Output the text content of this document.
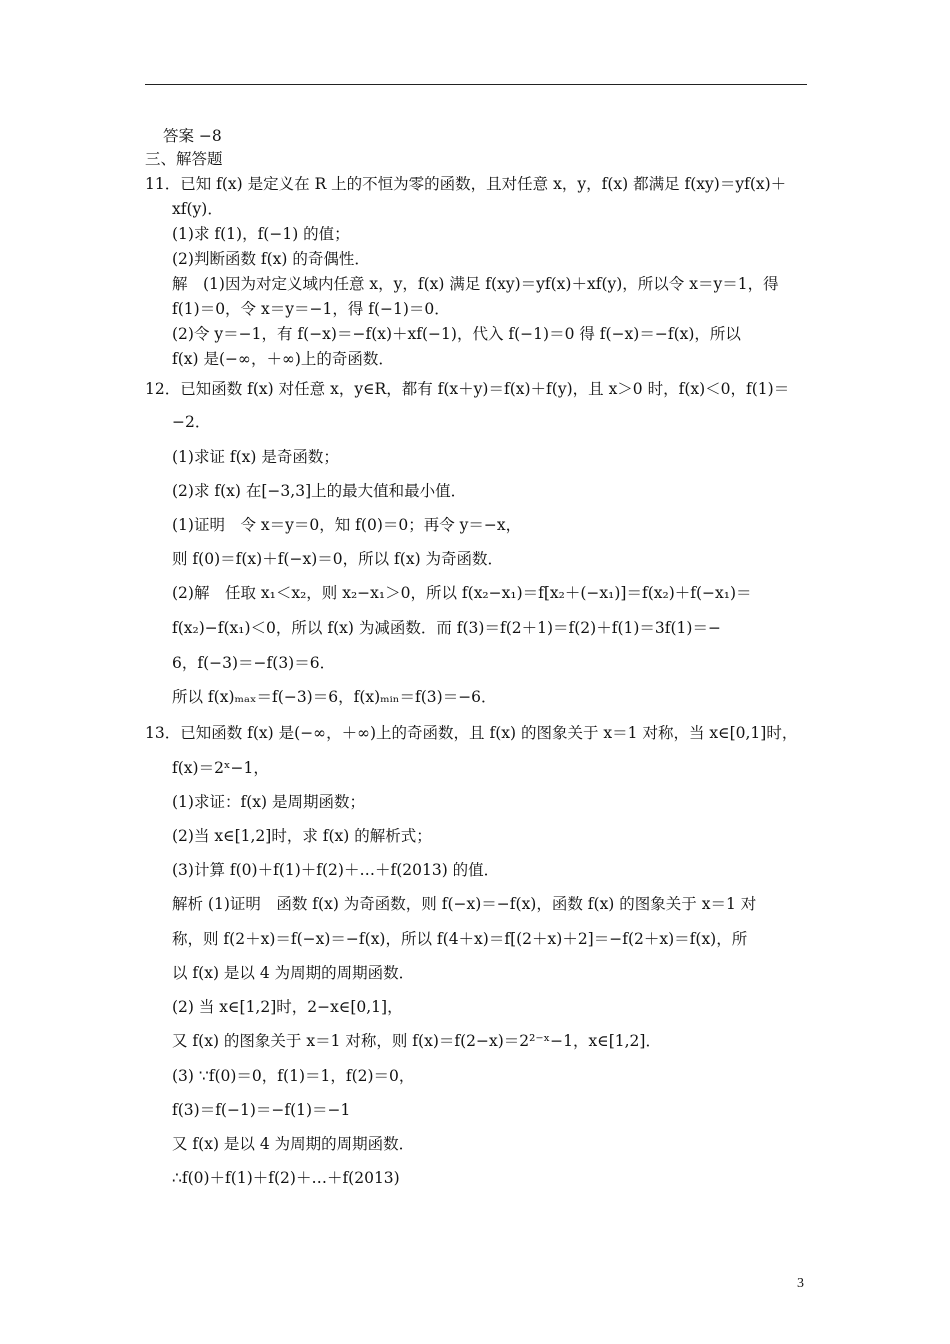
答案 −8
三、解答题
11．已知 f(x) 是定义在 R 上的不恒为零的函数，且对任意 x，y，f(x) 都满足 f(xy)＝yf(x)＋
xf(y)．
(1)求 f(1)，f(−1) 的值；
(2)判断函数 f(x) 的奇偶性．
解　(1)因为对定义域内任意 x，y，f(x) 满足 f(xy)＝yf(x)＋xf(y)，所以令 x＝y＝1，得
f(1)＝0，令 x＝y＝−1，得 f(−1)＝0．
(2)令 y＝−1，有 f(−x)＝−f(x)＋xf(−1)，代入 f(−1)＝0 得 f(−x)＝−f(x)，所以
f(x) 是(−∞，＋∞)上的奇函数．
12．已知函数 f(x) 对任意 x，y∈R，都有 f(x＋y)＝f(x)＋f(y)，且 x＞0 时，f(x)＜0，f(1)＝
−2．
(1)求证 f(x) 是奇函数；
(2)求 f(x) 在[−3,3]上的最大值和最小值．
(1)证明　令 x＝y＝0，知 f(0)＝0；再令 y＝−x，
则 f(0)＝f(x)＋f(−x)＝0，所以 f(x) 为奇函数．
(2)解　任取 x₁＜x₂，则 x₂−x₁＞0，所以 f(x₂−x₁)＝f[x₂＋(−x₁)]＝f(x₂)＋f(−x₁)＝
f(x₂)−f(x₁)＜0，所以 f(x) 为减函数．而 f(3)＝f(2＋1)＝f(2)＋f(1)＝3f(1)＝−
6，f(−3)＝−f(3)＝6．
所以 f(x)ₘₐₓ＝f(−3)＝6，f(x)ₘᵢₙ＝f(3)＝−6．
13．已知函数 f(x) 是(−∞，＋∞)上的奇函数，且 f(x) 的图象关于 x＝1 对称，当 x∈[0,1]时，
f(x)＝2ˣ−1，
(1)求证：f(x) 是周期函数；
(2)当 x∈[1,2]时，求 f(x) 的解析式；
(3)计算 f(0)＋f(1)＋f(2)＋…＋f(2013) 的值．
解析 (1)证明　函数 f(x) 为奇函数，则 f(−x)＝−f(x)，函数 f(x) 的图象关于 x＝1 对
称，则 f(2＋x)＝f(−x)＝−f(x)，所以 f(4＋x)＝f[(2＋x)＋2]＝−f(2＋x)＝f(x)，所
以 f(x) 是以 4 为周期的周期函数．
(2) 当 x∈[1,2]时，2−x∈[0,1]，
又 f(x) 的图象关于 x＝1 对称，则 f(x)＝f(2−x)＝2²⁻ˣ−1，x∈[1,2]．
(3) ∵f(0)＝0，f(1)＝1，f(2)＝0，
f(3)＝f(−1)＝−f(1)＝−1
又 f(x) 是以 4 为周期的周期函数．
∴f(0)＋f(1)＋f(2)＋…＋f(2013)
3
